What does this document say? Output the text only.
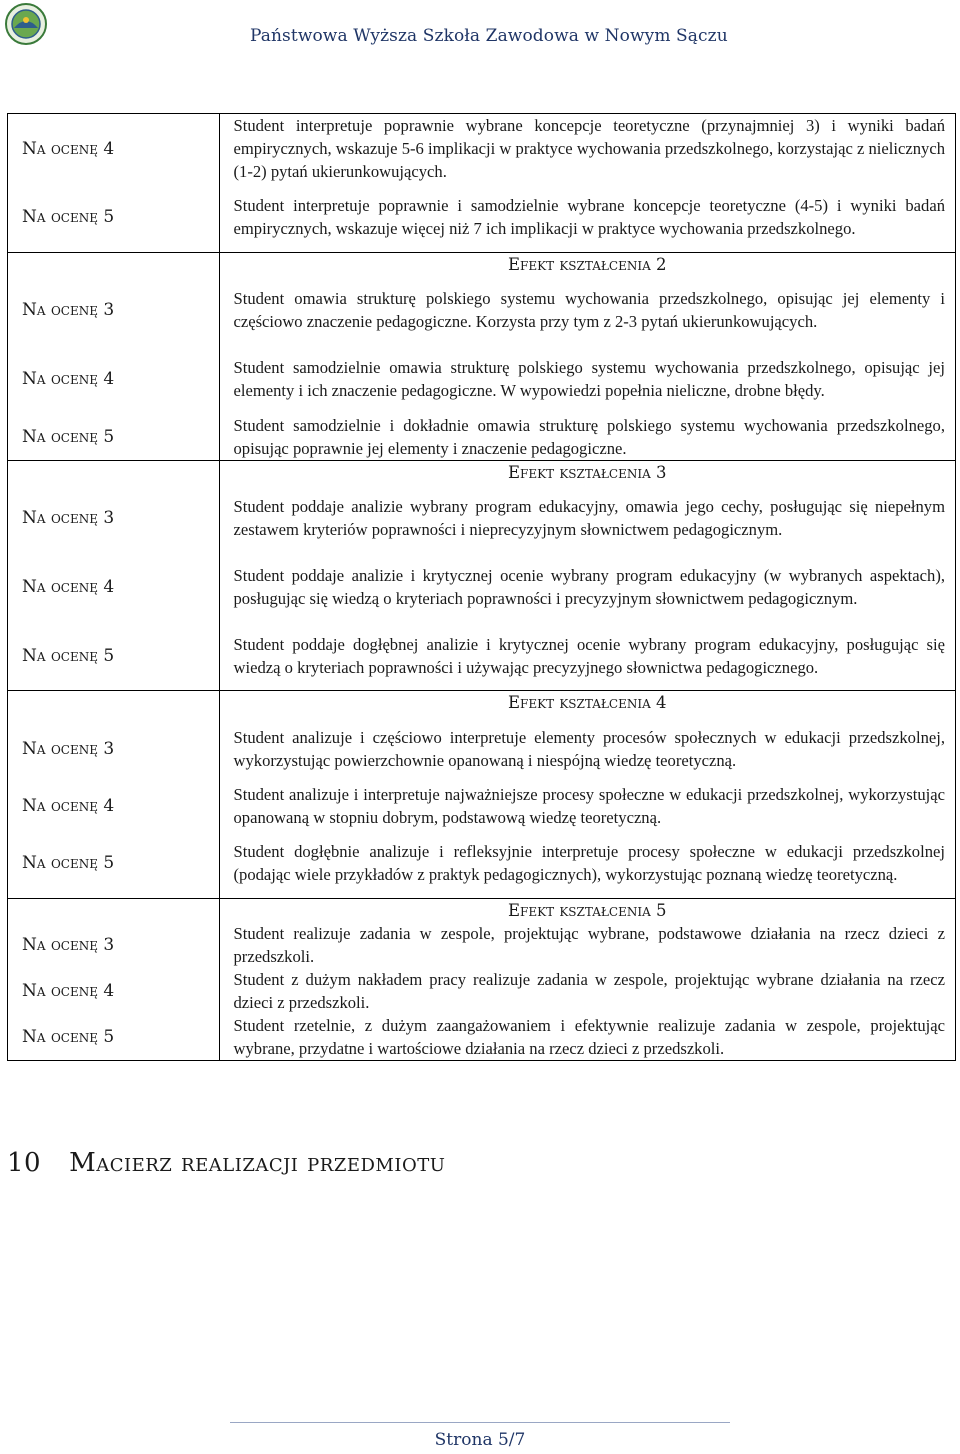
Państwowa Wyższa Szkoła Zawodowa w Nowym Sączu
Na ocenę 4	Student interpretuje poprawnie wybrane koncepcje teoretyczne (przynajmniej 3) i wyniki badań empirycznych, wskazuje 5-6 implikacji w praktyce wychowania przedszkolnego, korzystając z nielicznych (1-2) pytań ukierunkowujących.
Na ocenę 5	Student interpretuje poprawnie i samodzielnie wybrane koncepcje teoretyczne (4-5) i wyniki badań empirycznych, wskazuje więcej niż 7 ich implikacji w praktyce wychowania przedszkolnego.
	Efekt kształcenia 2
Na ocenę 3	Student omawia strukturę polskiego systemu wychowania przedszkolnego, opisując jej elementy i częściowo znaczenie pedagogiczne. Korzysta przy tym z 2-3 pytań ukierunkowujących.
Na ocenę 4	Student samodzielnie omawia strukturę polskiego systemu wychowania przedszkolnego, opisując jej elementy i ich znaczenie pedagogiczne. W wypowiedzi popełnia nieliczne, drobne błędy.
Na ocenę 5	Student samodzielnie i dokładnie omawia strukturę polskiego systemu wychowania przedszkolnego, opisując poprawnie jej elementy i znaczenie pedagogiczne.
	Efekt kształcenia 3
Na ocenę 3	Student poddaje analizie wybrany program edukacyjny, omawia jego cechy, posługując się niepełnym zestawem kryteriów poprawności i nieprecyzyjnym słownictwem pedagogicznym.
Na ocenę 4	Student poddaje analizie i krytycznej ocenie wybrany program edukacyjny (w wybranych aspektach), posługując się wiedzą o kryteriach poprawności i precyzyjnym słownictwem pedagogicznym.
Na ocenę 5	Student poddaje dogłębnej analizie i krytycznej ocenie wybrany program edukacyjny, posługując się wiedzą o kryteriach poprawności i używając precyzyjnego słownictwa pedagogicznego.
	Efekt kształcenia 4
Na ocenę 3	Student analizuje i częściowo interpretuje elementy procesów społecznych w edukacji przedszkolnej, wykorzystując powierzchownie opanowaną i niespójną wiedzę teoretyczną.
Na ocenę 4	Student analizuje i interpretuje najważniejsze procesy społeczne w edukacji przedszkolnej, wykorzystując opanowaną w stopniu dobrym, podstawową wiedzę teoretyczną.
Na ocenę 5	Student dogłębnie analizuje i refleksyjnie interpretuje procesy społeczne w edukacji przedszkolnej (podając wiele przykładów z praktyk pedagogicznych), wykorzystując poznaną wiedzę teoretyczną.
	Efekt kształcenia 5
Na ocenę 3	Student realizuje zadania w zespole, projektując wybrane, podstawowe działania na rzecz dzieci z przedszkoli.
Na ocenę 4	Student z dużym nakładem pracy realizuje zadania w zespole, projektując wybrane działania na rzecz dzieci z przedszkoli.
Na ocenę 5	Student rzetelnie, z dużym zaangażowaniem i efektywnie realizuje zadania w zespole, projektując wybrane, przydatne i wartościowe działania na rzecz dzieci z przedszkoli.
10 Macierz realizacji przedmiotu
Strona 5/7
